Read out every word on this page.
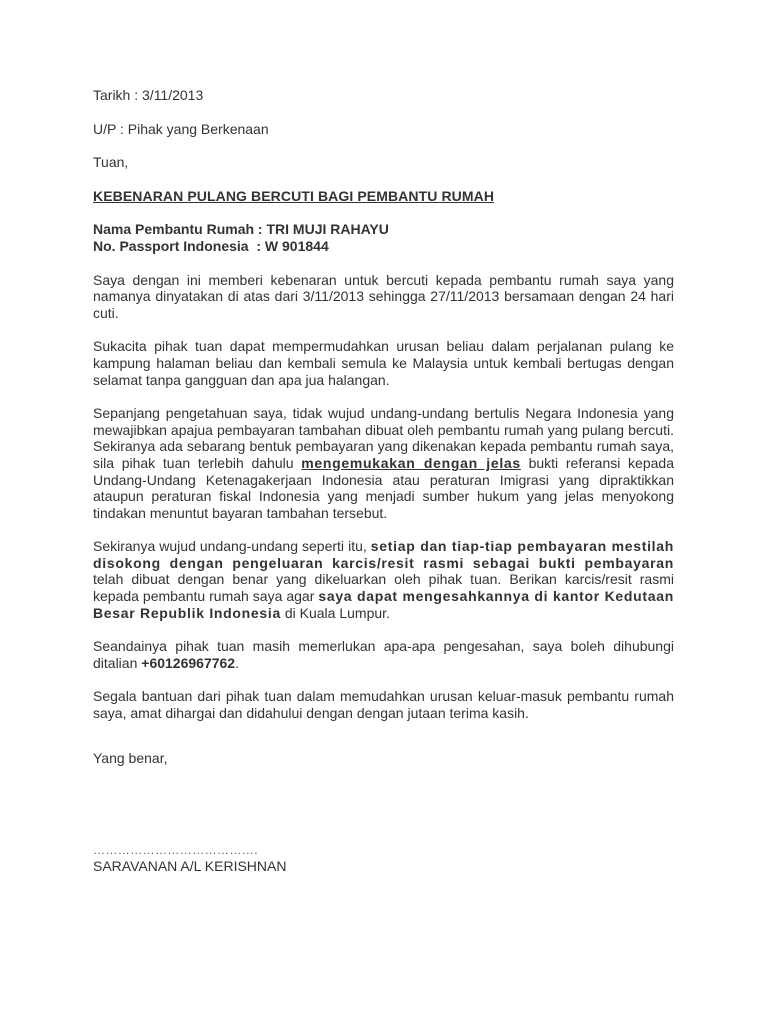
Tarikh : 3/11/2013

U/P : Pihak yang Berkenaan

Tuan,

KEBENARAN PULANG BERCUTI BAGI PEMBANTU RUMAH

Nama Pembantu Rumah : TRI MUJI RAHAYU

No. Passport Indonesia  : W 901844

Saya dengan ini memberi kebenaran untuk bercuti kepada pembantu rumah saya yang namanya dinyatakan di atas dari 3/11/2013 sehingga 27/11/2013 bersamaan dengan 24 hari cuti.

Sukacita pihak tuan dapat mempermudahkan urusan beliau dalam perjalanan pulang ke kampung halaman beliau dan kembali semula ke Malaysia untuk kembali bertugas dengan selamat tanpa gangguan dan apa jua halangan.

Sepanjang pengetahuan saya, tidak wujud undang-undang bertulis Negara Indonesia yang mewajibkan apajua pembayaran tambahan dibuat oleh pembantu rumah yang pulang bercuti. Sekiranya ada sebarang bentuk pembayaran yang dikenakan kepada pembantu rumah saya, sila pihak tuan terlebih dahulu mengemukakan dengan jelas bukti referansi kepada Undang-Undang Ketenagakerjaan Indonesia atau peraturan Imigrasi yang dipraktikkan ataupun peraturan fiskal Indonesia yang menjadi sumber hukum yang jelas menyokong tindakan menuntut bayaran tambahan tersebut.

Sekiranya wujud undang-undang seperti itu, setiap dan tiap-tiap pembayaran mestilah disokong dengan pengeluaran karcis/resit rasmi sebagai bukti pembayaran telah dibuat dengan benar yang dikeluarkan oleh pihak tuan. Berikan karcis/resit rasmi kepada pembantu rumah saya agar saya dapat mengesahkannya di kantor Kedutaan Besar Republik Indonesia di Kuala Lumpur.

Seandainya pihak tuan masih memerlukan apa-apa pengesahan, saya boleh dihubungi ditalian +60126967762.

Segala bantuan dari pihak tuan dalam memudahkan urusan keluar-masuk pembantu rumah saya, amat dihargai dan didahului dengan dengan jutaan terima kasih.

Yang benar,

………………………………….

SARAVANAN A/L KERISHNAN
